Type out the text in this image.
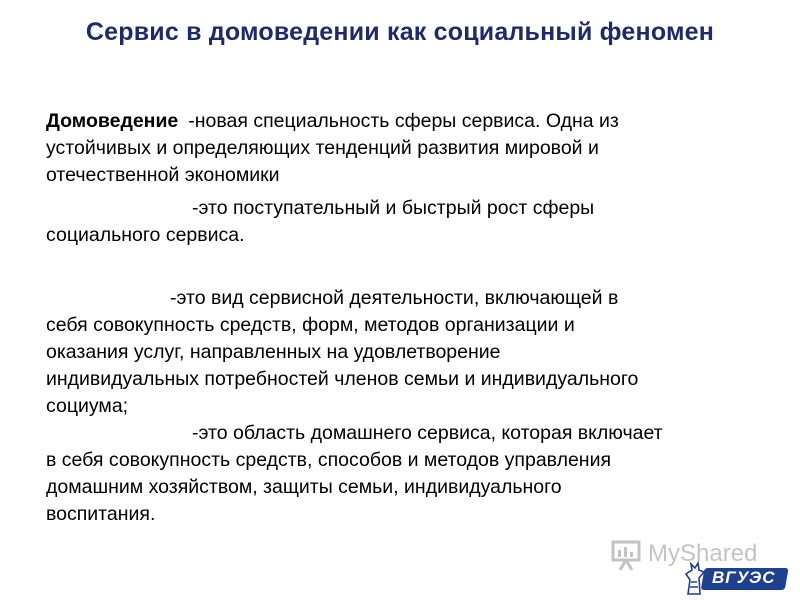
Сервис в домоведении как социальный феномен

Домоведение -новая специальность сферы сервиса. Одна из
устойчивых и определяющих тенденций развития мировой и
отечественной экономики

-это поступательный и быстрый рост сферы
социального сервиса.

-это вид сервисной деятельности, включающей в
себя совокупность средств, форм, методов организации и
оказания услуг, направленных на удовлетворение
индивидуальных потребностей членов семьи и индивидуального
социума;

-это область домашнего сервиса, которая включает
в себя совокупность средств, способов и методов управления
домашним хозяйством, защиты семьи, индивидуального
воспитания.

MyShared
ВГУЭС
